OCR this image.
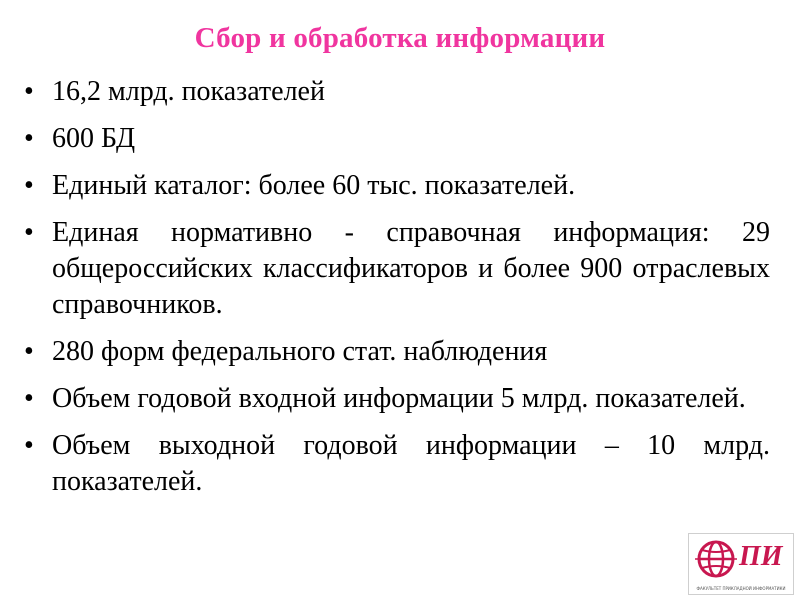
Сбор и обработка информации
• 16,2 млрд. показателей
• 600 БД
• Единый каталог: более 60 тыс. показателей.
• Единая нормативно - справочная информация: 29 общероссийских классификаторов и более 900 отраслевых справочников.
• 280 форм федерального стат. наблюдения
• Объем годовой входной информации 5 млрд. показателей.
• Объем выходной годовой информации – 10 млрд. показателей.
ПИ
ФАКУЛЬТЕТ ПРИКЛАДНОЙ ИНФОРМАТИКИ
